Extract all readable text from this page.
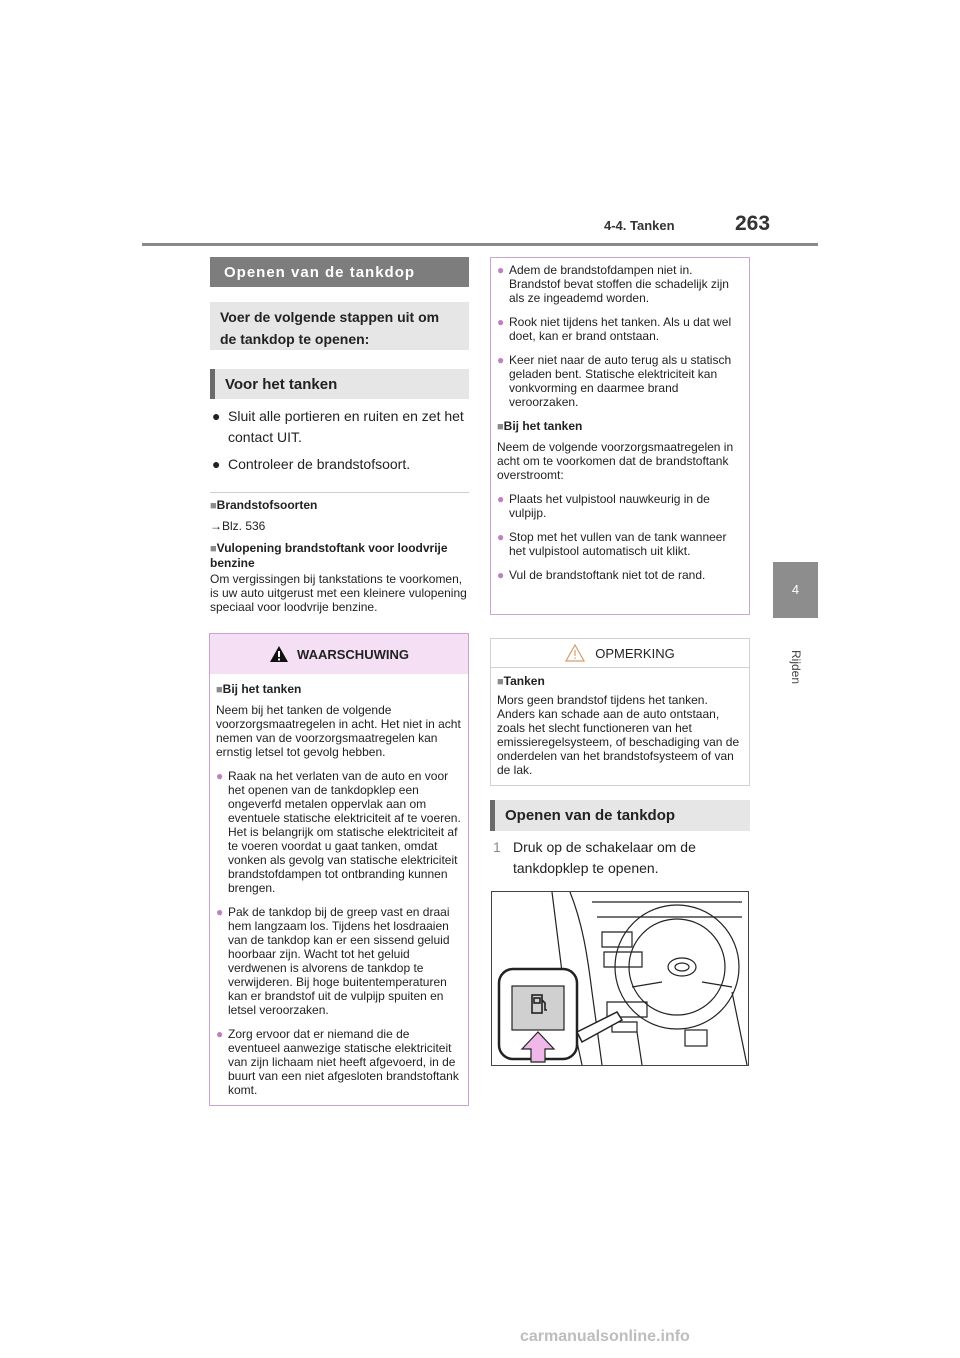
4-4. Tanken	263
4
Rijden
Openen van de tankdop
Voer de volgende stappen uit om de tankdop te openen:
Voor het tanken
● Sluit alle portieren en ruiten en zet het contact UIT.
● Controleer de brandstofsoort.

■Brandstofsoorten

→Blz. 536

■Vulopening brandstoftank voor loodvrije benzine

Om vergissingen bij tankstations te voorkomen, is uw auto uitgerust met een kleinere vulopening speciaal voor loodvrije benzine.

WAARSCHUWING

■Bij het tanken

Neem bij het tanken de volgende voorzorgsmaatregelen in acht. Het niet in acht nemen van de voorzorgsmaatregelen kan ernstig letsel tot gevolg hebben.

● Raak na het verlaten van de auto en voor het openen van de tankdopklep een ongeverfd metalen oppervlak aan om eventuele statische elektriciteit af te voeren. Het is belangrijk om statische elektriciteit af te voeren voordat u gaat tanken, omdat vonken als gevolg van statische elektriciteit brandstofdampen tot ontbranding kunnen brengen.
● Pak de tankdop bij de greep vast en draai hem langzaam los. Tijdens het losdraaien van de tankdop kan er een sissend geluid hoorbaar zijn. Wacht tot het geluid verdwenen is alvorens de tankdop te verwijderen. Bij hoge buitentemperaturen kan er brandstof uit de vulpijp spuiten en letsel veroorzaken.
● Zorg ervoor dat er niemand die de eventueel aanwezige statische elektriciteit van zijn lichaam niet heeft afgevoerd, in de buurt van een niet afgesloten brandstoftank komt.
● Adem de brandstofdampen niet in. Brandstof bevat stoffen die schadelijk zijn als ze ingeademd worden.
● Rook niet tijdens het tanken. Als u dat wel doet, kan er brand ontstaan.
● Keer niet naar de auto terug als u statisch geladen bent. Statische elektriciteit kan vonkvorming en daarmee brand veroorzaken.

■Bij het tanken

Neem de volgende voorzorgsmaatregelen in acht om te voorkomen dat de brandstoftank overstroomt:

● Plaats het vulpistool nauwkeurig in de vulpijp.
● Stop met het vullen van de tank wanneer het vulpistool automatisch uit klikt.
● Vul de brandstoftank niet tot de rand.
OPMERKING

■Tanken

Mors geen brandstof tijdens het tanken. Anders kan schade aan de auto ontstaan, zoals het slecht functioneren van het emissieregelsysteem, of beschadiging van de onderdelen van het brandstofsysteem of van de lak.

Openen van de tankdop
1 Druk op de schakelaar om de tankdopklep te openen.
carmanualsonline.info
